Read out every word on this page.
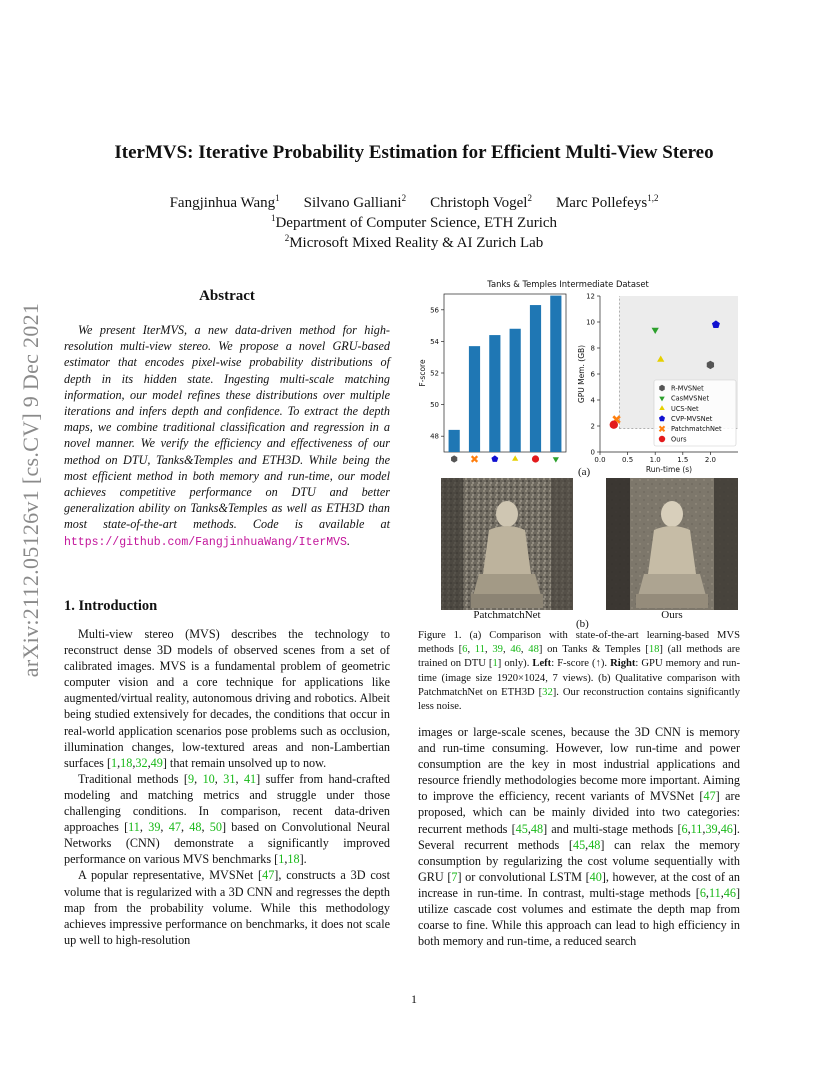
arXiv:2112.05126v1 [cs.CV] 9 Dec 2021
IterMVS: Iterative Probability Estimation for Efficient Multi-View Stereo
Fangjinhua Wang$^1$ Silvano Galliani$^2$ Christoph Vogel$^2$ Marc Pollefeys$^{1,2}$
$^1$Department of Computer Science, ETH Zurich
$^2$Microsoft Mixed Reality & AI Zurich Lab
Abstract
We present IterMVS, a new data-driven method for high-resolution multi-view stereo. We propose a novel GRU-based estimator that encodes pixel-wise probability distributions of depth in its hidden state. Ingesting multi-scale matching information, our model refines these distributions over multiple iterations and infers depth and confidence. To extract the depth maps, we combine traditional classification and regression in a novel manner. We verify the efficiency and effectiveness of our method on DTU, Tanks&Temples and ETH3D. While being the most efficient method in both memory and run-time, our model achieves competitive performance on DTU and better generalization ability on Tanks&Temples as well as ETH3D than most state-of-the-art methods. Code is available at https://github.com/FangjinhuaWang/IterMVS.
1. Introduction

Multi-view stereo (MVS) describes the technology to reconstruct dense 3D models of observed scenes from a set of calibrated images. MVS is a fundamental problem of geometric computer vision and a core technique for applications like augmented/virtual reality, autonomous driving and robotics. Albeit being studied extensively for decades, the conditions that occur in real-world application scenarios pose problems such as occlusion, illumination changes, low-textured areas and non-Lambertian surfaces [1,18,32,49] that remain unsolved up to now.

Traditional methods [9, 10, 31, 41] suffer from hand-crafted modeling and matching metrics and struggle under those challenging conditions. In comparison, recent data-driven approaches [11, 39, 47, 48, 50] based on Convolutional Neural Networks (CNN) demonstrate a significantly improved performance on various MVS benchmarks [1,18].

A popular representative, MVSNet [47], constructs a 3D cost volume that is regularized with a 3D CNN and regresses the depth map from the probability volume. While this methodology achieves impressive performance on benchmarks, it does not scale up well to high-resolution

Tanks & Temples Intermediate Dataset
48
50
52
54
56
F-score
0
2
4
6
8
10
12
0.0 0.5 1.0 1.5 2.0
GPU Mem. (GB)
Run-time (s)
R-MVSNet
CasMVSNet
UCS-Net
CVP-MVSNet
PatchmatchNet
Ours
(a)
PatchmatchNet	Ours
(b)
Figure 1. (a) Comparison with state-of-the-art learning-based MVS methods [6, 11, 39, 46, 48] on Tanks & Temples [18] (all methods are trained on DTU [1] only). Left: F-score (↑). Right: GPU memory and run-time (image size 1920×1024, 7 views). (b) Qualitative comparison with PatchmatchNet on ETH3D [32]. Our reconstruction contains significantly less noise.

images or large-scale scenes, because the 3D CNN is memory and run-time consuming. However, low run-time and power consumption are the key in most industrial applications and resource friendly methodologies become more important. Aiming to improve the efficiency, recent variants of MVSNet [47] are proposed, which can be mainly divided into two categories: recurrent methods [45,48] and multi-stage methods [6,11,39,46]. Several recurrent methods [45,48] can relax the memory consumption by regularizing the cost volume sequentially with GRU [7] or convolutional LSTM [40], however, at the cost of an increase in run-time. In contrast, multi-stage methods [6,11,46] utilize cascade cost volumes and estimate the depth map from coarse to fine. While this approach can lead to high efficiency in both memory and run-time, a reduced search

1
